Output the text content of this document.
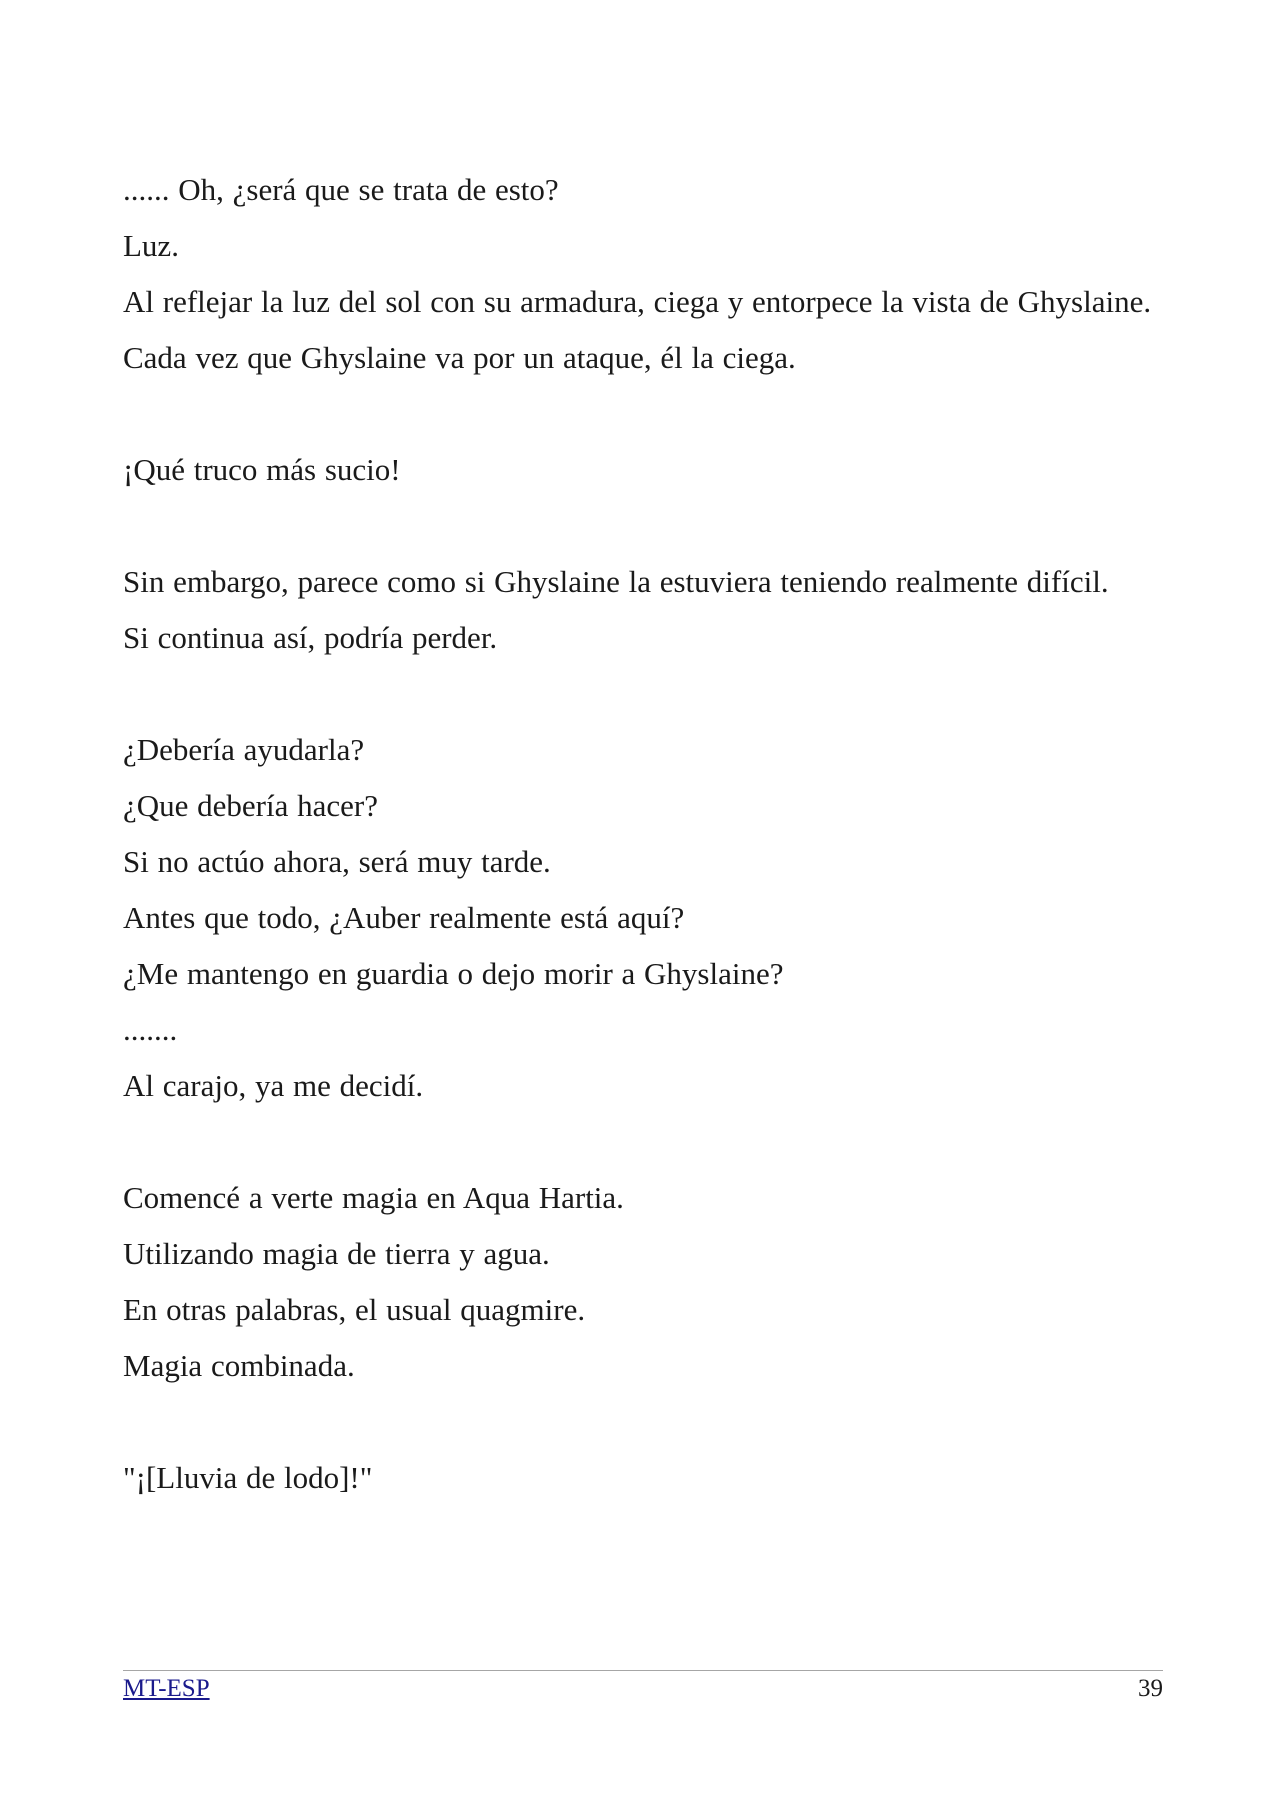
...... Oh, ¿será que se trata de esto?

Luz.

Al reflejar la luz del sol con su armadura, ciega y entorpece la vista de Ghyslaine.

Cada vez que Ghyslaine va por un ataque, él la ciega.

¡Qué truco más sucio!

Sin embargo, parece como si Ghyslaine la estuviera teniendo realmente difícil.

Si continua así, podría perder.

¿Debería ayudarla?

¿Que debería hacer?

Si no actúo ahora, será muy tarde.

Antes que todo, ¿Auber realmente está aquí?

¿Me mantengo en guardia o dejo morir a Ghyslaine?

.......

Al carajo, ya me decidí.

Comencé a verte magia en Aqua Hartia.

Utilizando magia de tierra y agua.

En otras palabras, el usual quagmire.

Magia combinada.

"¡[Lluvia de lodo]!"

MT-ESP	39
